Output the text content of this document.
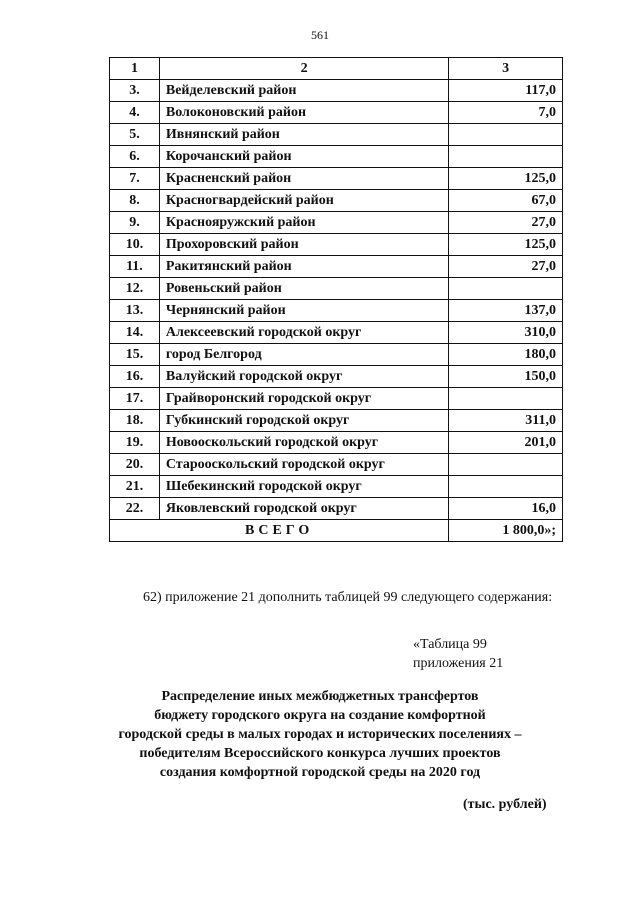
561
1	2	3
3.	Вейделевский район	117,0
4.	Волоконовский район	7,0
5.	Ивнянский район	
6.	Корочанский район	
7.	Красненский район	125,0
8.	Красногвардейский район	67,0
9.	Краснояружский район	27,0
10.	Прохоровский район	125,0
11.	Ракитянский район	27,0
12.	Ровеньский район	
13.	Чернянский район	137,0
14.	Алексеевский городской округ	310,0
15.	город Белгород	180,0
16.	Валуйский городской округ	150,0
17.	Грайворонский городской округ	
18.	Губкинский городской округ	311,0
19.	Новооскольский городской округ	201,0
20.	Старооскольский городской округ	
21.	Шебекинский городской округ	
22.	Яковлевский городской округ	16,0
ВСЕГО		1 800,0»;
62) приложение 21 дополнить таблицей 99 следующего содержания:
«Таблица 99
приложения 21
Распределение иных межбюджетных трансфертов
бюджету городского округа на создание комфортной
городской среды в малых городах и исторических поселениях –
победителям Всероссийского конкурса лучших проектов
создания комфортной городской среды на 2020 год
(тыс. рублей)
